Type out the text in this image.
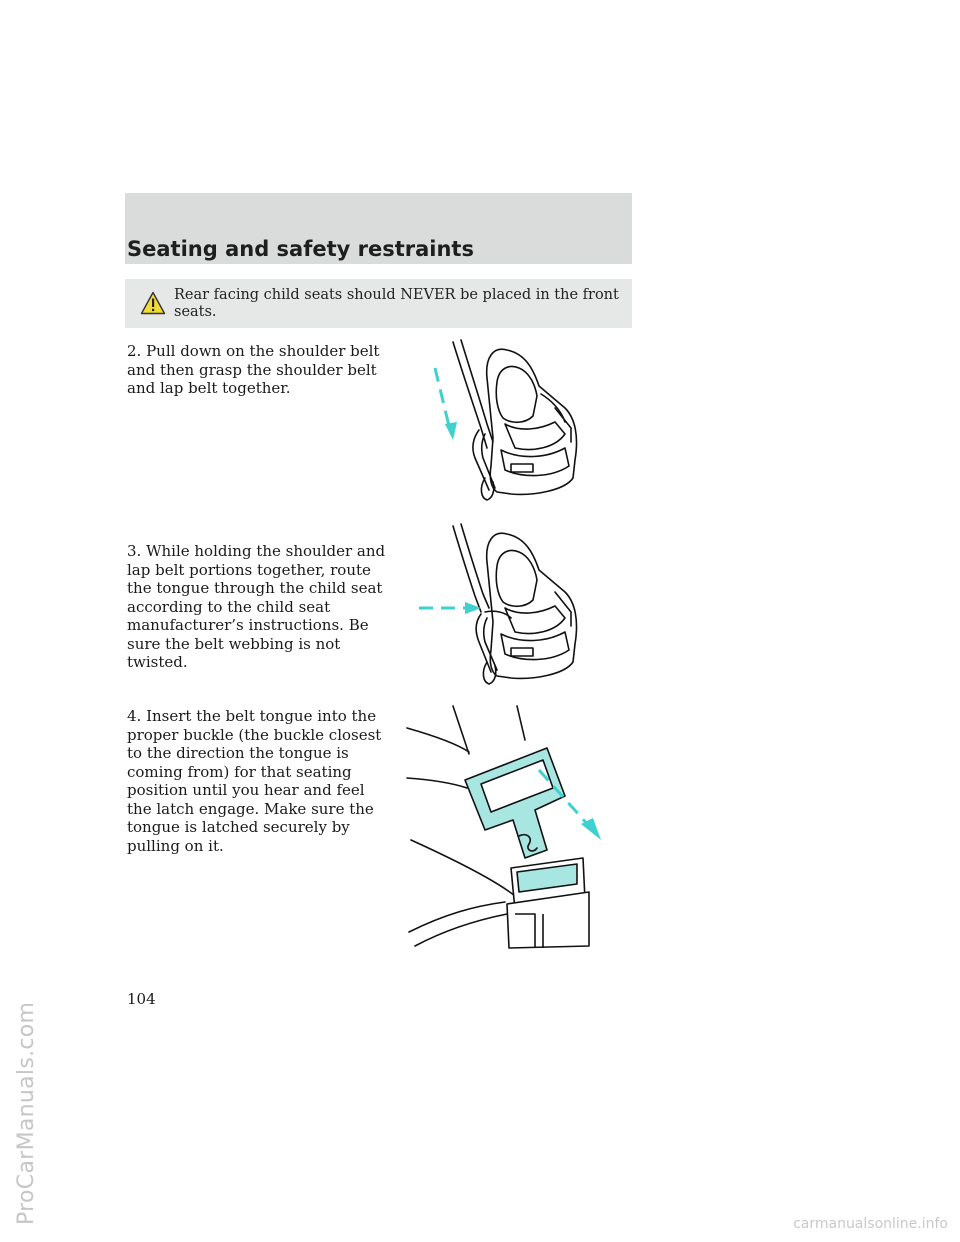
Seating and safety restraints
Rear facing child seats should NEVER be placed in the front seats.
2. Pull down on the shoulder belt and then grasp the shoulder belt and lap belt together.
3. While holding the shoulder and lap belt portions together, route the tongue through the child seat according to the child seat manufacturer’s instructions. Be sure the belt webbing is not twisted.
4. Insert the belt tongue into the proper buckle (the buckle closest to the direction the tongue is coming from) for that seating position until you hear and feel the latch engage. Make sure the tongue is latched securely by pulling on it.
104
ProCarManuals.com	carmanualsonline.info
